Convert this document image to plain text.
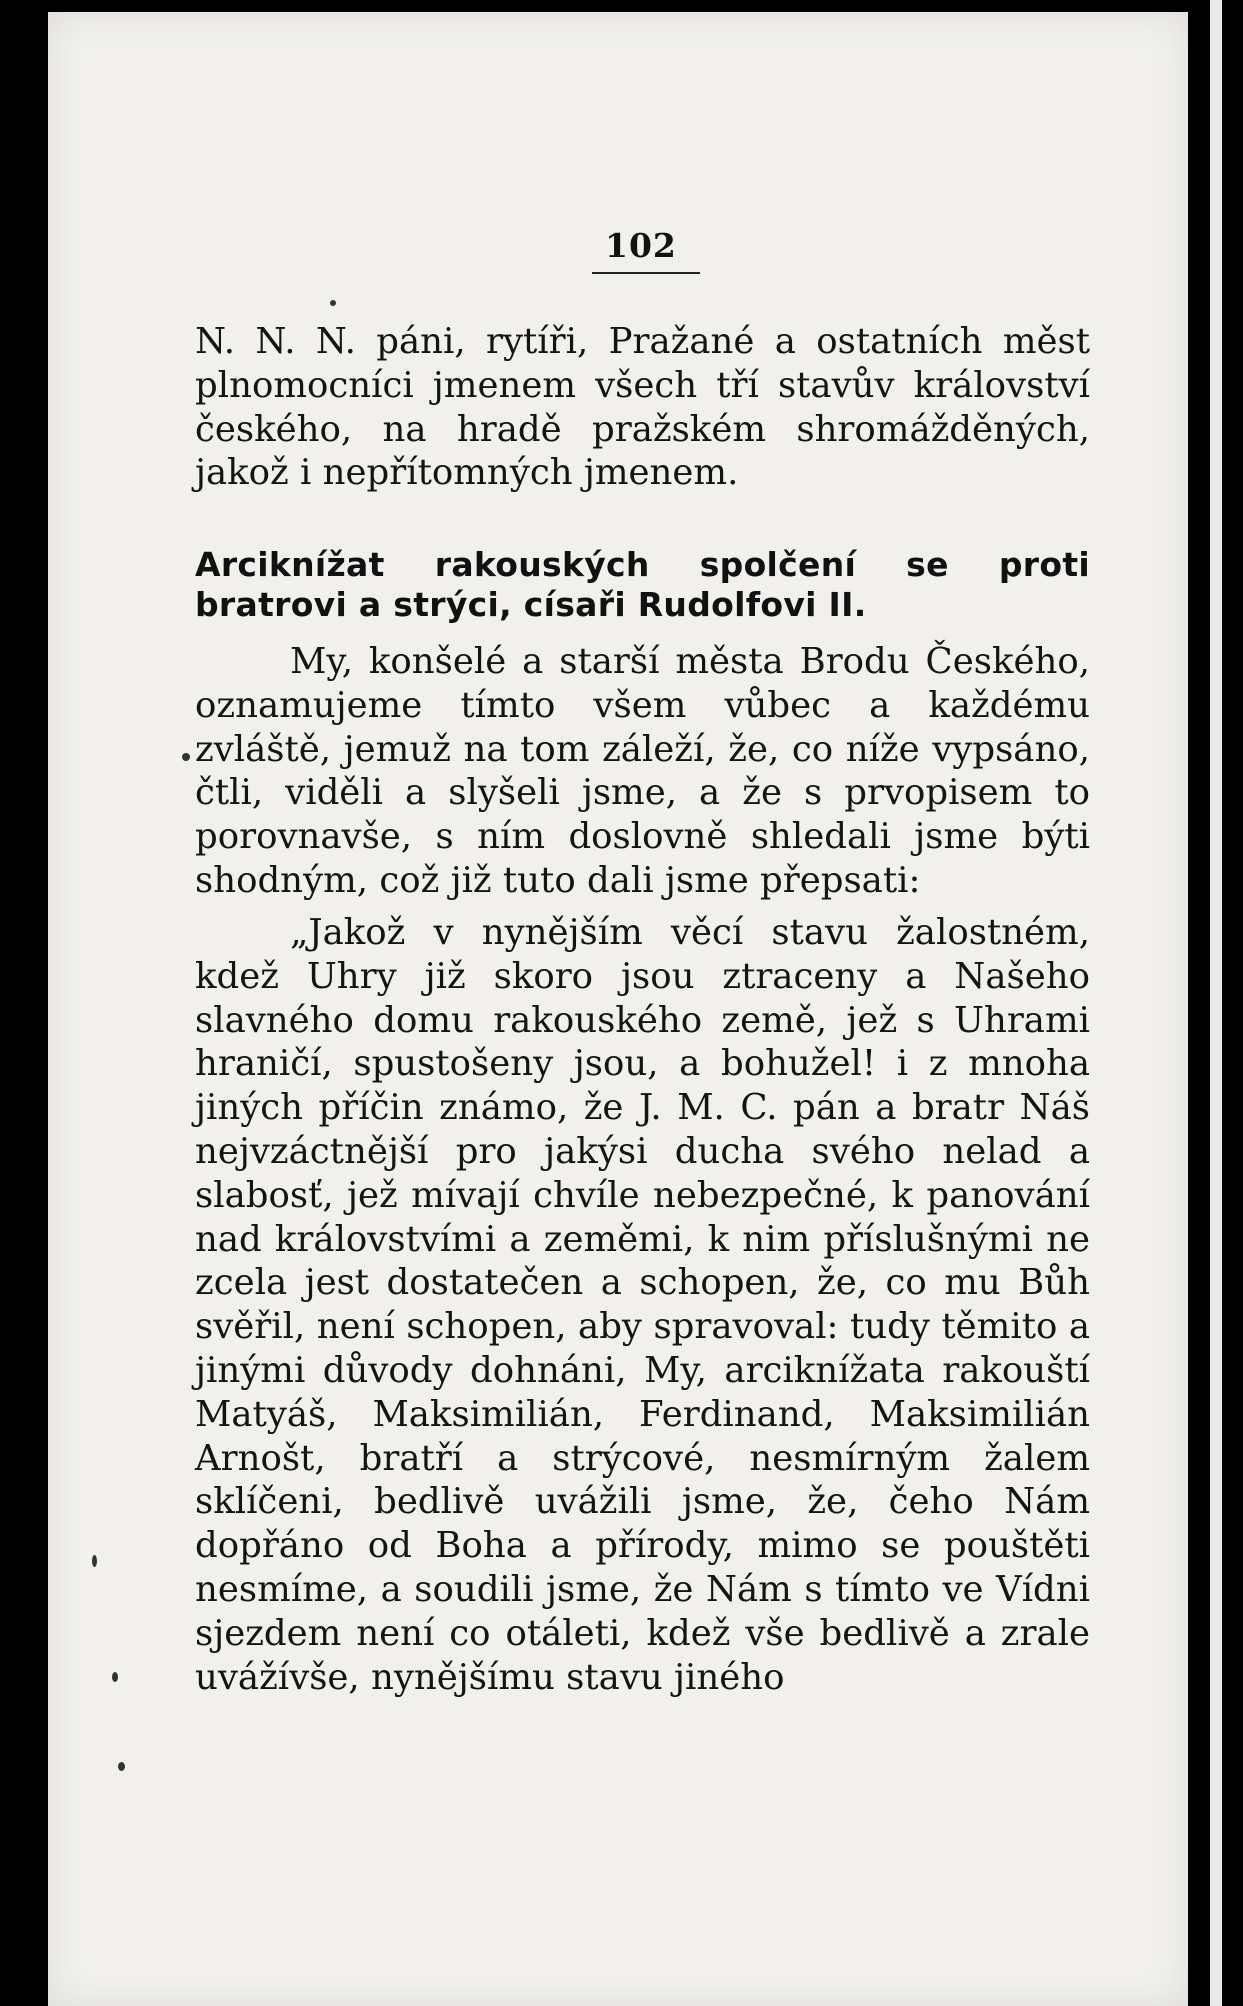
102
N. N. N. páni, rytíři, Pražané a ostatních měst plnomocníci jmenem všech tří stavův království českého, na hradě pražském shromážděných, jakož i nepřítomných jmenem.
Arciknížat rakouských spolčení se proti bratrovi a strýci, císaři Rudolfovi II.
My, konšelé a starší města Brodu Českého, oznamujeme tímto všem vůbec a každému zvláště, jemuž na tom záleží, že, co níže vypsáno, čtli, viděli a slyšeli jsme, a že s prvopisem to porovnavše, s ním doslovně shledali jsme býti shodným, což již tuto dali jsme přepsati:
„Jakož v nynějším věcí stavu žalostném, kdež Uhry již skoro jsou ztraceny a Našeho slavného domu rakouského země, jež s Uhrami hraničí, spustošeny jsou, a bohužel! i z mnoha jiných příčin známo, že J. M. C. pán a bratr Náš nejvzáctnější pro jakýsi ducha svého nelad a slabosť, jež mívají chvíle nebezpečné, k panování nad královstvími a zeměmi, k nim příslušnými ne zcela jest dostatečen a schopen, že, co mu Bůh svěřil, není schopen, aby spravoval: tudy těmito a jinými důvody dohnáni, My, arciknížata rakouští Matyáš, Maksimilián, Ferdinand, Maksimilián Arnošt, bratří a strýcové, nesmírným žalem sklíčeni, bedlivě uvážili jsme, že, čeho Nám dopřáno od Boha a přírody, mimo se pouštěti nesmíme, a soudili jsme, že Nám s tímto ve Vídni sjezdem není co otáleti, kdež vše bedlivě a zrale uvážívše, nynějšímu stavu jiného
